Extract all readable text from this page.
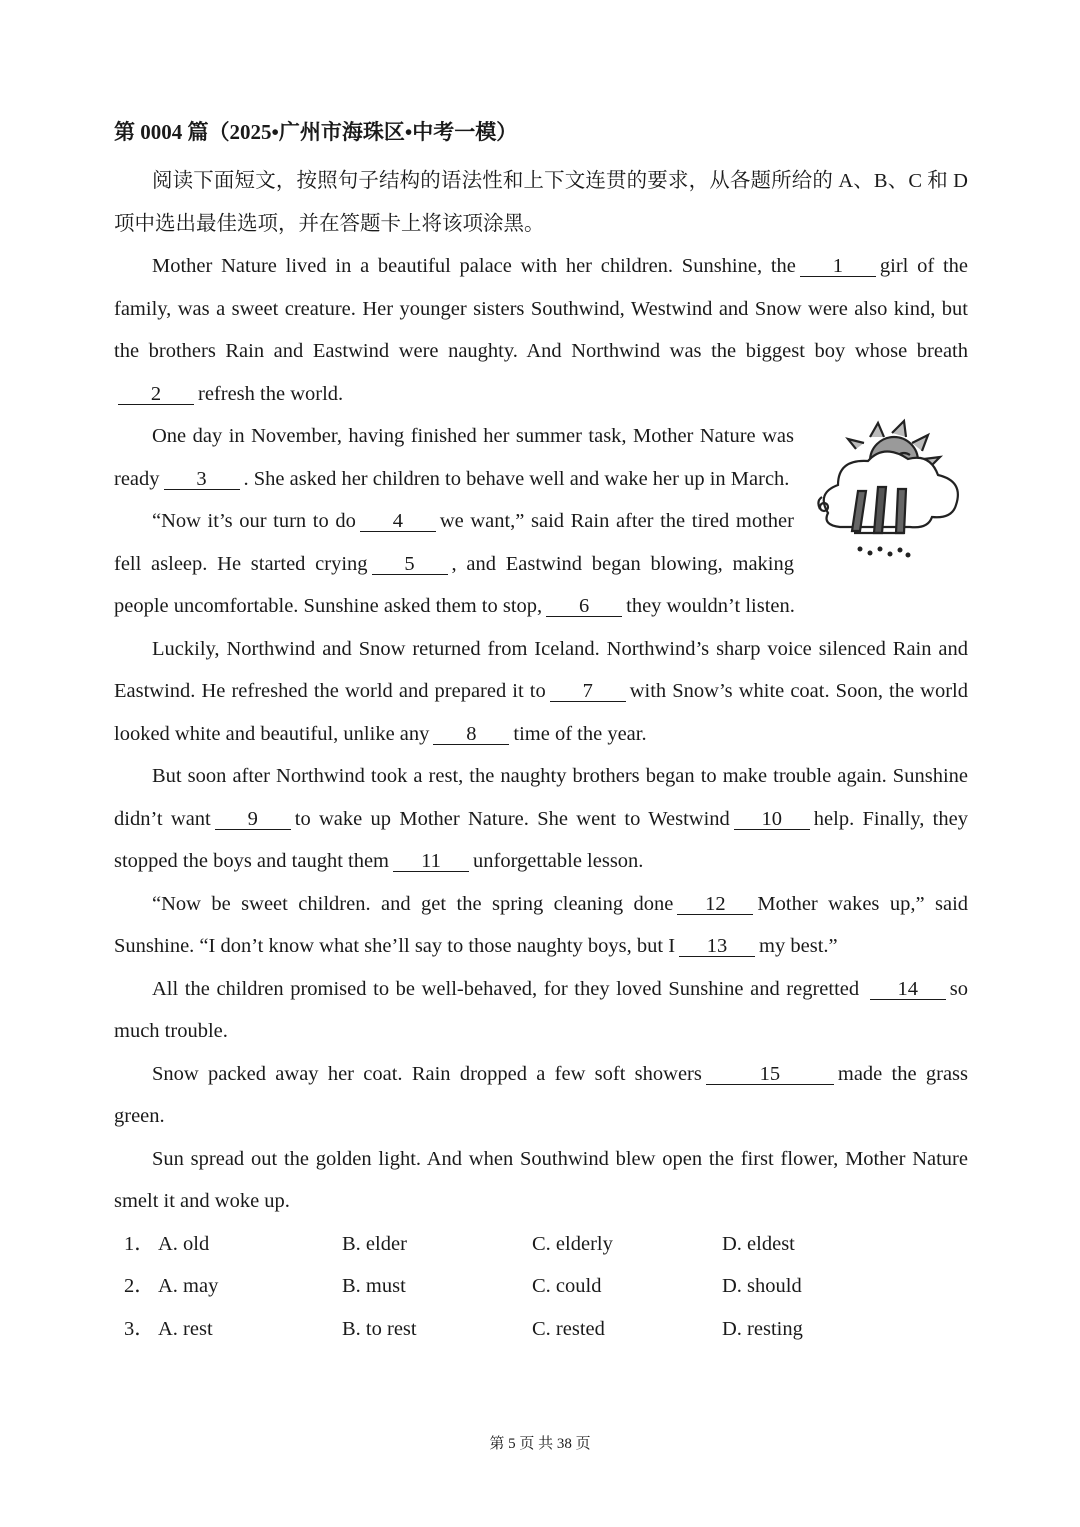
第 0004 篇（2025•广州市海珠区•中考一模）

阅读下面短文，按照句子结构的语法性和上下文连贯的要求，从各题所给的 A、B、C 和 D 项中选出最佳选项，并在答题卡上将该项涂黑。

Mother Nature lived in a beautiful palace with her children. Sunshine, the 1 girl of the family, was a sweet creature. Her younger sisters Southwind, Westwind and Snow were also kind, but the brothers Rain and Eastwind were naughty. And Northwind was the biggest boy whose breath2 refresh the world.

One day in November, having finished her summer task, Mother Nature was ready 3 . She asked her children to behave well and wake her up in March.

“Now it’s our turn to do 4 we want,” said Rain after the tired mother fell asleep. He started crying 5 , and Eastwind began blowing, making people uncomfortable. Sunshine asked them to stop, 6 they wouldn’t listen.

Luckily, Northwind and Snow returned from Iceland. Northwind’s sharp voice silenced Rain and Eastwind. He refreshed the world and prepared it to 7 with Snow’s white coat. Soon, the world looked white and beautiful, unlike any 8 time of the year.

But soon after Northwind took a rest, the naughty brothers began to make trouble again. Sunshine didn’t want 9 to wake up Mother Nature. She went to Westwind 10 help. Finally, they stopped the boys and taught them 11 unforgettable lesson.

“Now be sweet children. and get the spring cleaning done 12 Mother wakes up,” said Sunshine. “I don’t know what she’ll say to those naughty boys, but I 13 my best.”

All the children promised to be well-behaved, for they loved Sunshine and regretted 14 so much trouble.

Snow packed away her coat. Rain dropped a few soft showers	15	made the grass green.

Sun spread out the golden light. And when Southwind blew open the first flower, Mother Nature smelt it and woke up.

1． A. old	B. elder	C. elderly	D. eldest
2． A. may	B. must	C. could	D. should
3． A. rest	B. to rest	C. rested	D. resting
第 5 页 共 38 页
